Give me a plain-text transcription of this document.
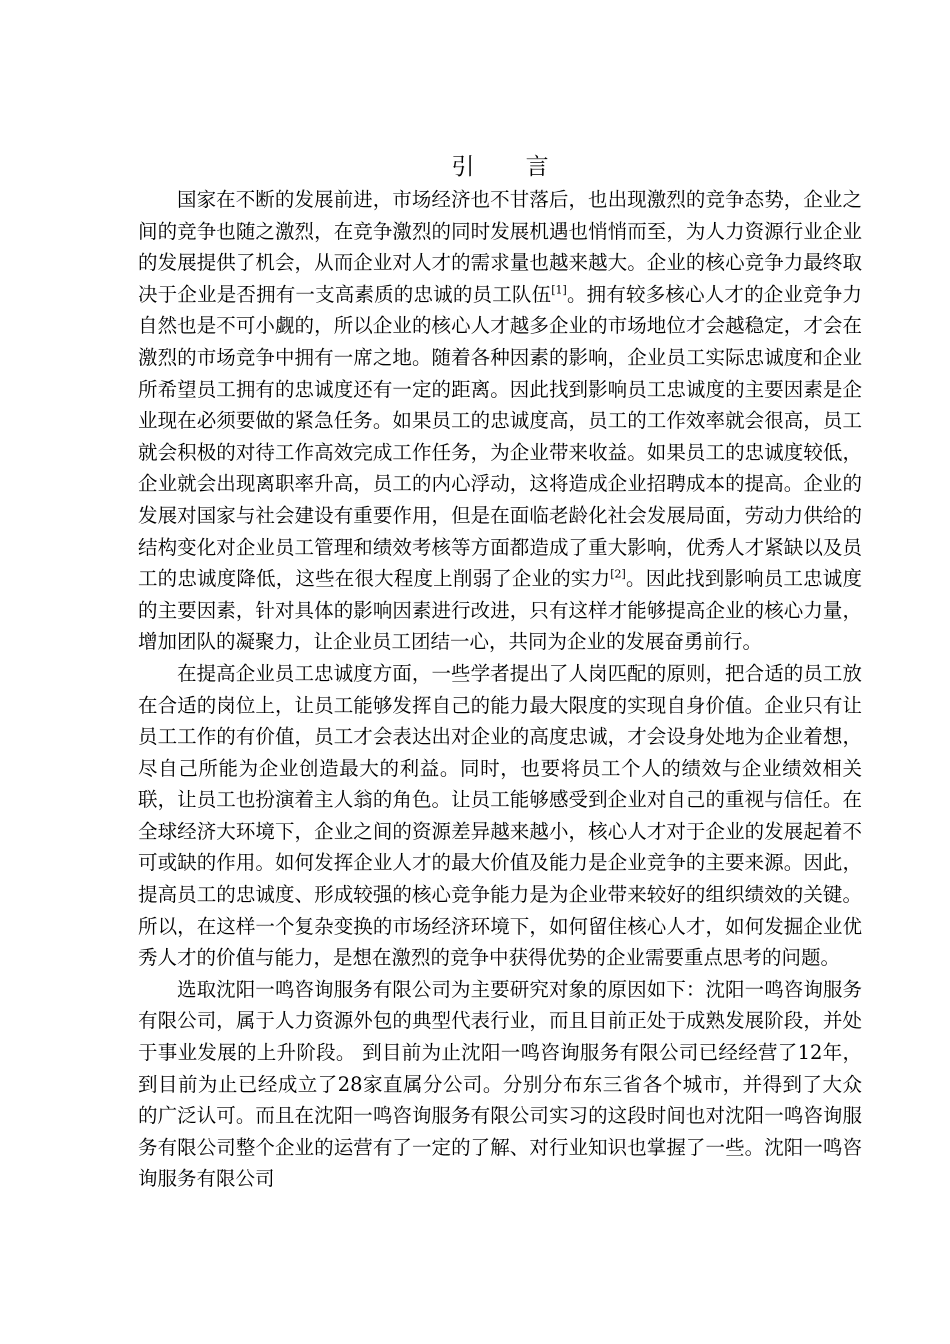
引 言

国家在不断的发展前进，市场经济也不甘落后，也出现激烈的竞争态势，企业之间的竞争也随之激烈，在竞争激烈的同时发展机遇也悄悄而至，为人力资源行业企业的发展提供了机会，从而企业对人才的需求量也越来越大。企业的核心竞争力最终取决于企业是否拥有一支高素质的忠诚的员工队伍[1]。拥有较多核心人才的企业竞争力自然也是不可小觑的，所以企业的核心人才越多企业的市场地位才会越稳定，才会在激烈的市场竞争中拥有一席之地。随着各种因素的影响，企业员工实际忠诚度和企业所希望员工拥有的忠诚度还有一定的距离。因此找到影响员工忠诚度的主要因素是企业现在必须要做的紧急任务。如果员工的忠诚度高，员工的工作效率就会很高，员工就会积极的对待工作高效完成工作任务，为企业带来收益。如果员工的忠诚度较低，企业就会出现离职率升高，员工的内心浮动，这将造成企业招聘成本的提高。企业的发展对国家与社会建设有重要作用，但是在面临老龄化社会发展局面，劳动力供给的结构变化对企业员工管理和绩效考核等方面都造成了重大影响，优秀人才紧缺以及员工的忠诚度降低，这些在很大程度上削弱了企业的实力[2]。因此找到影响员工忠诚度的主要因素，针对具体的影响因素进行改进，只有这样才能够提高企业的核心力量，增加团队的凝聚力，让企业员工团结一心，共同为企业的发展奋勇前行。

在提高企业员工忠诚度方面，一些学者提出了人岗匹配的原则，把合适的员工放在合适的岗位上，让员工能够发挥自己的能力最大限度的实现自身价值。企业只有让员工工作的有价值，员工才会表达出对企业的高度忠诚，才会设身处地为企业着想，尽自己所能为企业创造最大的利益。同时，也要将员工个人的绩效与企业绩效相关联，让员工也扮演着主人翁的角色。让员工能够感受到企业对自己的重视与信任。在全球经济大环境下，企业之间的资源差异越来越小，核心人才对于企业的发展起着不可或缺的作用。如何发挥企业人才的最大价值及能力是企业竞争的主要来源。因此，提高员工的忠诚度、形成较强的核心竞争能力是为企业带来较好的组织绩效的关键。所以，在这样一个复杂变换的市场经济环境下，如何留住核心人才，如何发掘企业优秀人才的价值与能力，是想在激烈的竞争中获得优势的企业需要重点思考的问题。

选取沈阳一鸣咨询服务有限公司为主要研究对象的原因如下：沈阳一鸣咨询服务有限公司，属于人力资源外包的典型代表行业，而且目前正处于成熟发展阶段，并处于事业发展的上升阶段。 到目前为止沈阳一鸣咨询服务有限公司已经经营了12年，到目前为止已经成立了28家直属分公司。分别分布东三省各个城市，并得到了大众的广泛认可。而且在沈阳一鸣咨询服务有限公司实习的这段时间也对沈阳一鸣咨询服务有限公司整个企业的运营有了一定的了解、对行业知识也掌握了一些。沈阳一鸣咨询服务有限公司
